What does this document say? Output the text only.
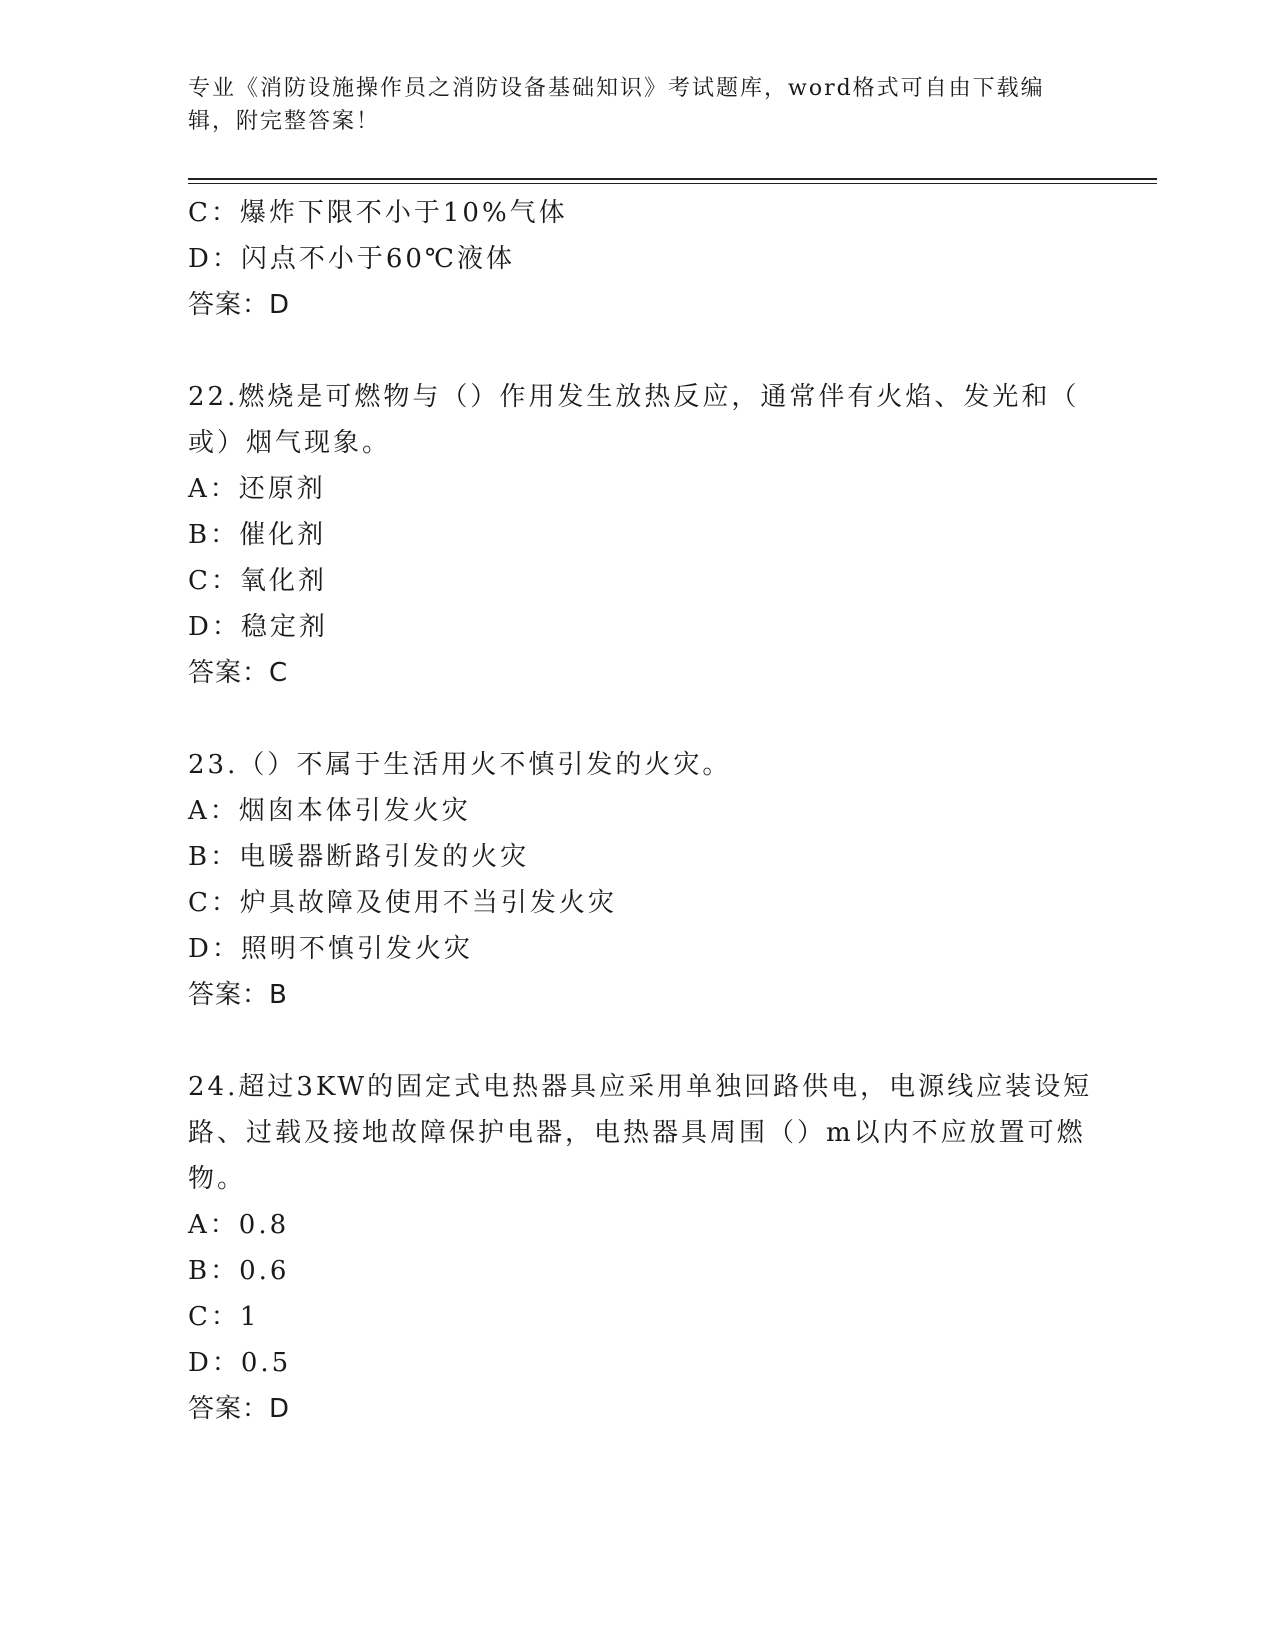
专业《消防设施操作员之消防设备基础知识》考试题库，word格式可自由下载编
辑，附完整答案！
C：爆炸下限不小于10%气体
D：闪点不小于60℃液体
答案：D
22.燃烧是可燃物与（）作用发生放热反应，通常伴有火焰、发光和（
或）烟气现象。
A：还原剂
B：催化剂
C：氧化剂
D：稳定剂
答案：C
23.（）不属于生活用火不慎引发的火灾。
A：烟囱本体引发火灾
B：电暖器断路引发的火灾
C：炉具故障及使用不当引发火灾
D：照明不慎引发火灾
答案：B
24.超过3KW的固定式电热器具应采用单独回路供电，电源线应装设短
路、过载及接地故障保护电器，电热器具周围（）m以内不应放置可燃
物。
A：0.8
B：0.6
C：1
D：0.5
答案：D
